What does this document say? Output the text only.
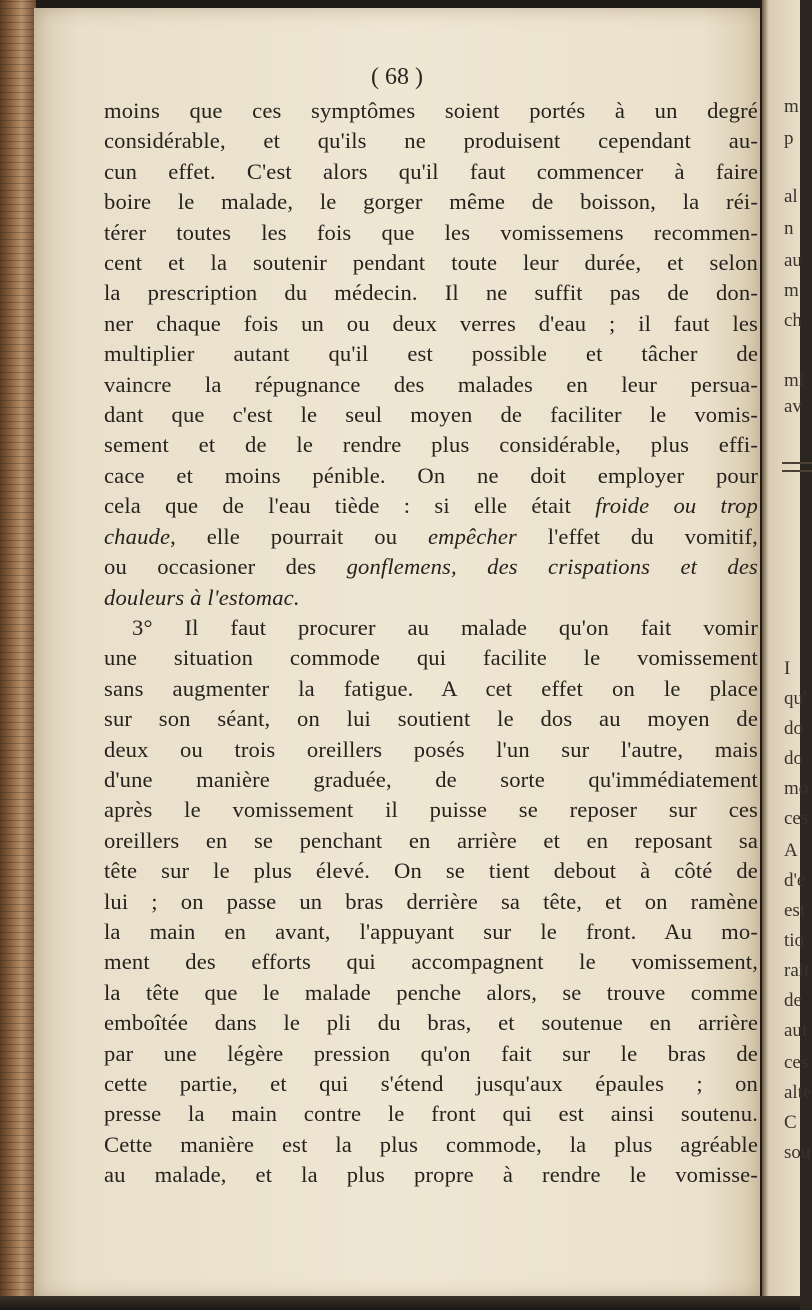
( 68 )
moins que ces symptômes soient portés à un degré
considérable, et qu'ils ne produisent cependant au-
cun effet. C'est alors qu'il faut commencer à faire
boire le malade, le gorger même de boisson, la réi-
térer toutes les fois que les vomissemens recommen-
cent et la soutenir pendant toute leur durée, et selon
la prescription du médecin. Il ne suffit pas de don-
ner chaque fois un ou deux verres d'eau ; il faut les
multiplier autant qu'il est possible et tâcher de
vaincre la répugnance des malades en leur persua-
dant que c'est le seul moyen de faciliter le vomis-
sement et de le rendre plus considérable, plus effi-
cace et moins pénible. On ne doit employer pour
cela que de l'eau tiède : si elle était froide ou trop
chaude, elle pourrait ou empêcher l'effet du vomitif,
ou occasioner des gonflemens, des crispations et des
douleurs à l'estomac.
3° Il faut procurer au malade qu'on fait vomir
une situation commode qui facilite le vomissement
sans augmenter la fatigue. A cet effet on le place
sur son séant, on lui soutient le dos au moyen de
deux ou trois oreillers posés l'un sur l'autre, mais
d'une manière graduée, de sorte qu'immédiatement
après le vomissement il puisse se reposer sur ces
oreillers en se penchant en arrière et en reposant sa
tête sur le plus élevé. On se tient debout à côté de
lui ; on passe un bras derrière sa tête, et on ramène
la main en avant, l'appuyant sur le front. Au mo-
ment des efforts qui accompagnent le vomissement,
la tête que le malade penche alors, se trouve comme
emboîtée dans le pli du bras, et soutenue en arrière
par une légère pression qu'on fait sur le bras de
cette partie, et qui s'étend jusqu'aux épaules ; on
presse la main contre le front qui est ainsi soutenu.
Cette manière est la plus commode, la plus agréable
au malade, et la plus propre à rendre le vomisse-
m
p
al
n
au
m
ch
mi
av
I
qu'
do
do
mo
ces
A
d'e
est
tio
rait
de
aut
ces
alte
C
sou
